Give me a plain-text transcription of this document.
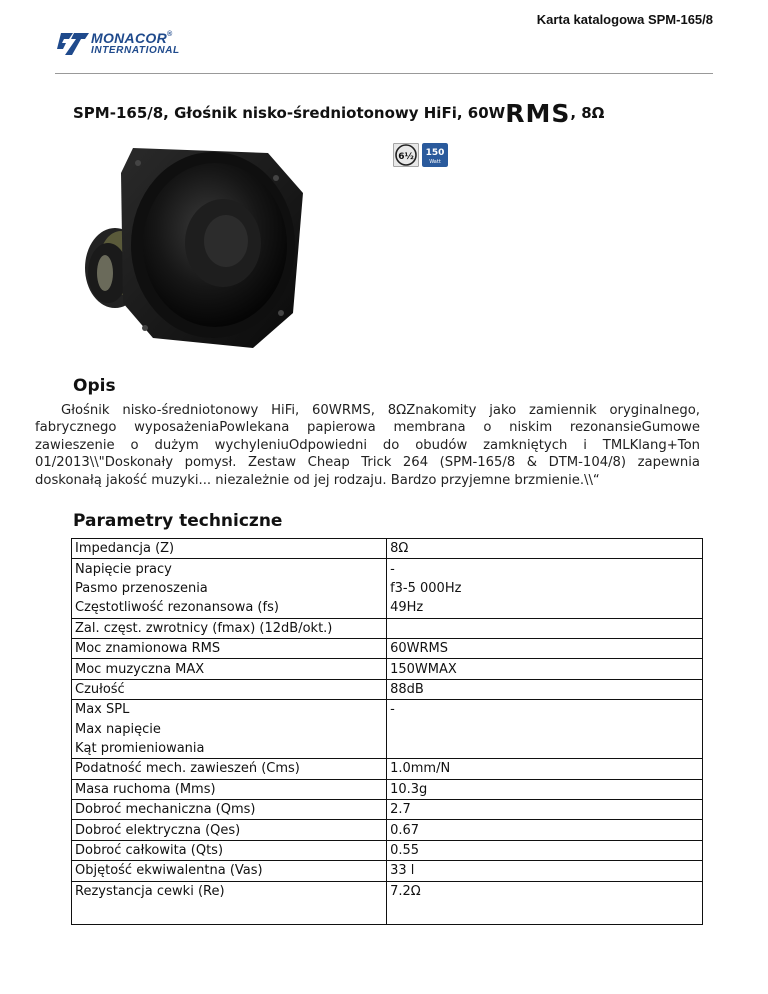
Karta katalogowa SPM-165/8
MONACOR®
INTERNATIONAL
SPM-165/8, Głośnik nisko-średniotonowy HiFi, 60WRMS, 8Ω
6½ 150
Watt
Opis
Głośnik nisko-średniotonowy HiFi, 60WRMS, 8ΩZnakomity jako zamiennik oryginalnego, fabrycznego wyposażeniaPowlekana papierowa membrana o niskim rezonansieGumowe zawieszenie o dużym wychyleniuOdpowiedni do obudów zamkniętych i TMLKlang+Ton 01/2013\\"Doskonały pomysł. Zestaw Cheap Trick 264 (SPM-165/8 & DTM-104/8) zapewnia doskonałą jakość muzyki... niezależnie od jej rodzaju. Bardzo przyjemne brzmienie.\\“
Parametry techniczne
Impedancja (Z)	8Ω
Napięcie pracy	-
Pasmo przenoszenia	f3-5 000Hz
Częstotliwość rezonansowa (fs)	49Hz
Zal. częst. zwrotnicy (fmax) (12dB/okt.)	
Moc znamionowa RMS	60WRMS
Moc muzyczna MAX	150WMAX
Czułość	88dB
Max SPL	-
Max napięcie	
Kąt promieniowania	
Podatność mech. zawieszeń (Cms)	1.0mm/N
Masa ruchoma (Mms)	10.3g
Dobroć mechaniczna (Qms)	2.7
Dobroć elektryczna (Qes)	0.67
Dobroć całkowita (Qts)	0.55
Objętość ekwiwalentna (Vas)	33 l
Rezystancja cewki (Re)	7.2Ω
